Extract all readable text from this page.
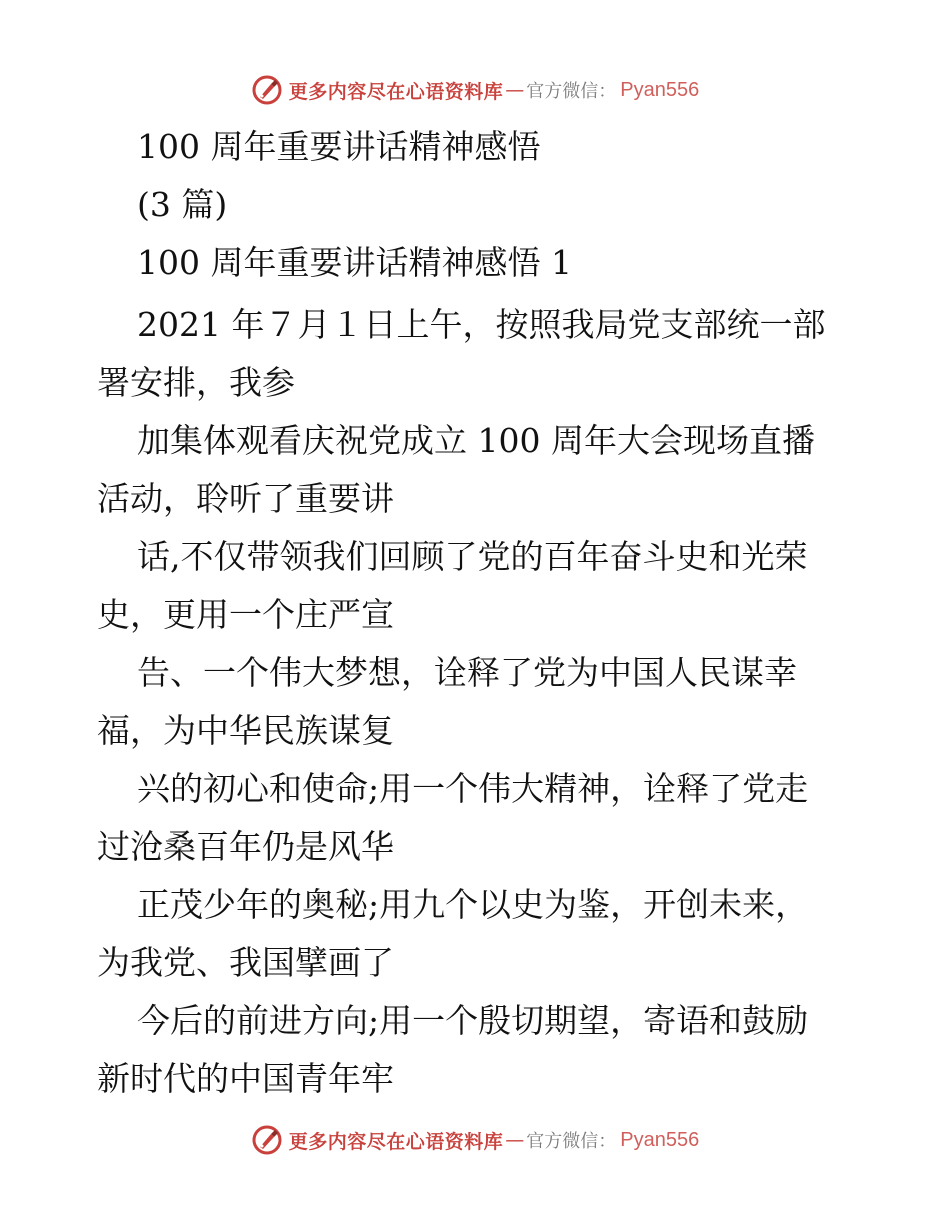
更多内容尽在心语资料库 — 官方微信： Pyan556
100 周年重要讲话精神感悟
(3 篇)
100 周年重要讲话精神感悟 1
2021 年７月１日上午，按照我局党支部统一部
署安排，我参
加集体观看庆祝党成立 100 周年大会现场直播
活动，聆听了重要讲
话,不仅带领我们回顾了党的百年奋斗史和光荣
史，更用一个庄严宣
告、一个伟大梦想，诠释了党为中国人民谋幸
福，为中华民族谋复
兴的初心和使命;用一个伟大精神，诠释了党走
过沧桑百年仍是风华
正茂少年的奥秘;用九个以史为鉴，开创未来，
为我党、我国擘画了
今后的前进方向;用一个殷切期望，寄语和鼓励
新时代的中国青年牢
更多内容尽在心语资料库 — 官方微信： Pyan556
